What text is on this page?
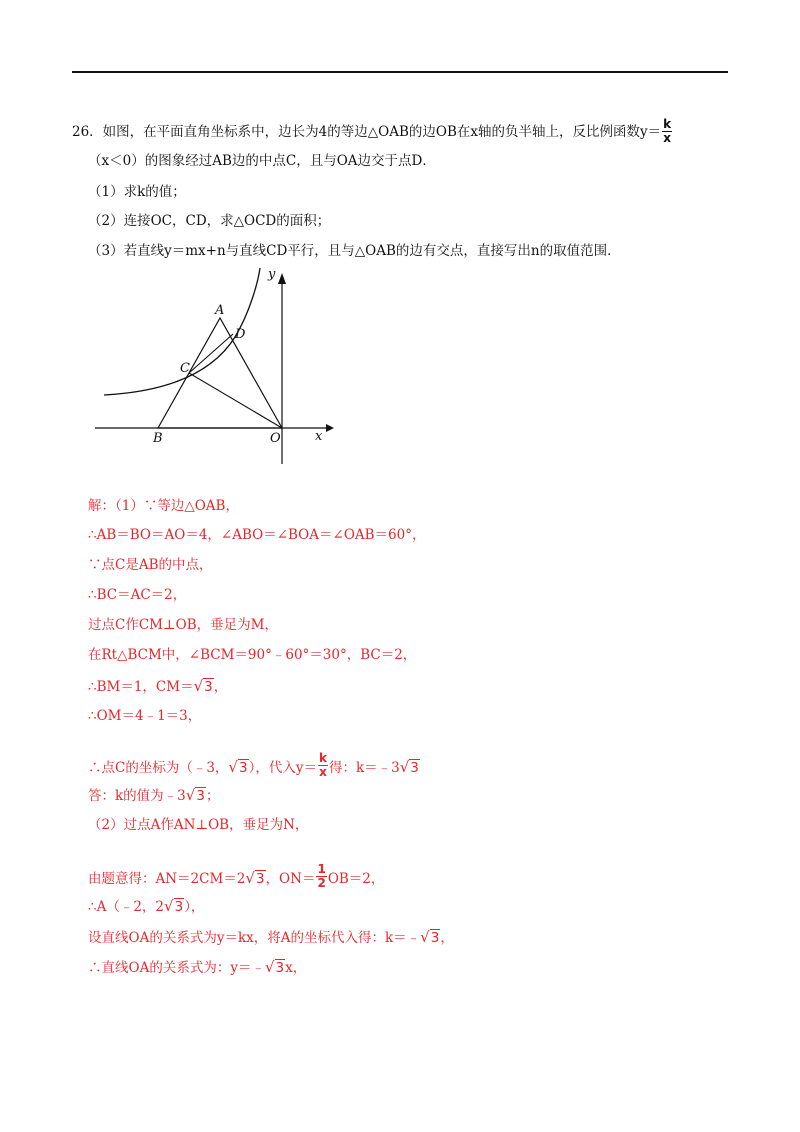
26．如图，在平面直角坐标系中，边长为4的等边△OAB的边OB在x轴的负半轴上，反比例函数$y= \frac{k}{x}$
（x＜0）的图象经过AB边的中点C，且与OA边交于点D．
（1）求k的值；
（2）连接OC，CD，求△OCD的面积；
（3）若直线y＝mx+n与直线CD平行，且与△OAB的边有交点，直接写出n的取值范围．
A
D
C
B	O	x
y
解：（1）∵等边△OAB，
∴AB＝BO＝AO＝4，∠ABO＝∠BOA＝∠OAB＝60°，
∵点C是AB的中点，
∴BC＝AC＝2，
过点C作CM⊥OB，垂足为M，
在Rt△BCM中，∠BCM＝90°﹣60°＝30°，BC＝2，
∴BM＝1，CM＝√3，
∴OM＝4﹣1＝3，
∴点C的坐标为（﹣3，√3），代入$y= \frac{k}{x}$ 得：k＝﹣3√3
答：k的值为﹣3√3；
（2）过点A作AN⊥OB，垂足为N，
由题意得：AN＝2CM＝2√3，$ON= \frac{1}{2} OB=2$，
∴A（﹣2，2√3），
设直线OA的关系式为y＝kx，将A的坐标代入得：k＝﹣√3，
∴直线OA的关系式为：y＝﹣√3x，
